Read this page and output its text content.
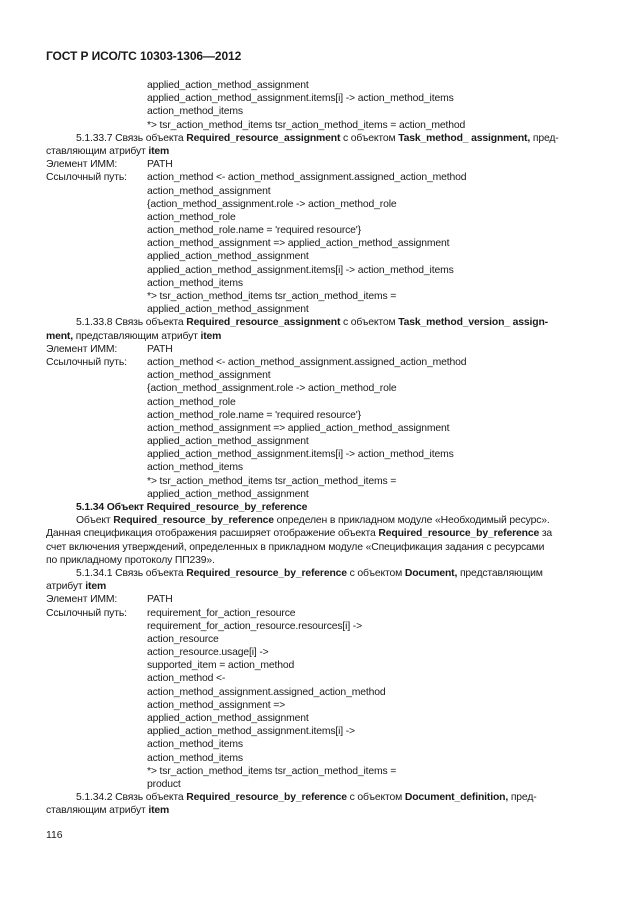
ГОСТ Р ИСО/ТС 10303-1306—2012
applied_action_method_assignment
applied_action_method_assignment.items[i] -> action_method_items
action_method_items
*> tsr_action_method_items tsr_action_method_items = action_method
5.1.33.7 Связь объекта Required_resource_assignment с объектом Task_method_ assignment, пред-
ставляющим атрибут item
Элемент ИММ:	PATH
Ссылочный путь:	action_method <- action_method_assignment.assigned_action_method
action_method_assignment
{action_method_assignment.role -> action_method_role
action_method_role
action_method_role.name = 'required resource'}
action_method_assignment => applied_action_method_assignment
applied_action_method_assignment
applied_action_method_assignment.items[i] -> action_method_items
action_method_items
*> tsr_action_method_items tsr_action_method_items =
applied_action_method_assignment
5.1.33.8 Связь объекта Required_resource_assignment с объектом Task_method_version_ assign-
ment, представляющим атрибут item
Элемент ИММ:	PATH
Ссылочный путь:	action_method <- action_method_assignment.assigned_action_method
action_method_assignment
{action_method_assignment.role -> action_method_role
action_method_role
action_method_role.name = 'required resource'}
action_method_assignment => applied_action_method_assignment
applied_action_method_assignment
applied_action_method_assignment.items[i] -> action_method_items
action_method_items
*> tsr_action_method_items tsr_action_method_items =
applied_action_method_assignment
5.1.34 Объект Required_resource_by_reference
Объект Required_resource_by_reference определен в прикладном модуле «Необходимый ресурс».
Данная спецификация отображения расширяет отображение объекта Required_resource_by_reference за
счет включения утверждений, определенных в прикладном модуле «Спецификация задания с ресурсами
по прикладному протоколу ПП239».
5.1.34.1 Связь объекта Required_resource_by_reference с объектом Document, представляющим
атрибут item
Элемент ИММ:	PATH
Ссылочный путь:	requirement_for_action_resource
requirement_for_action_resource.resources[i] ->
action_resource
action_resource.usage[i] ->
supported_item = action_method
action_method <-
action_method_assignment.assigned_action_method
action_method_assignment =>
applied_action_method_assignment
applied_action_method_assignment.items[i] ->
action_method_items
action_method_items
*> tsr_action_method_items tsr_action_method_items =
product
5.1.34.2 Связь объекта Required_resource_by_reference с объектом Document_definition, пред-
ставляющим атрибут item
116
